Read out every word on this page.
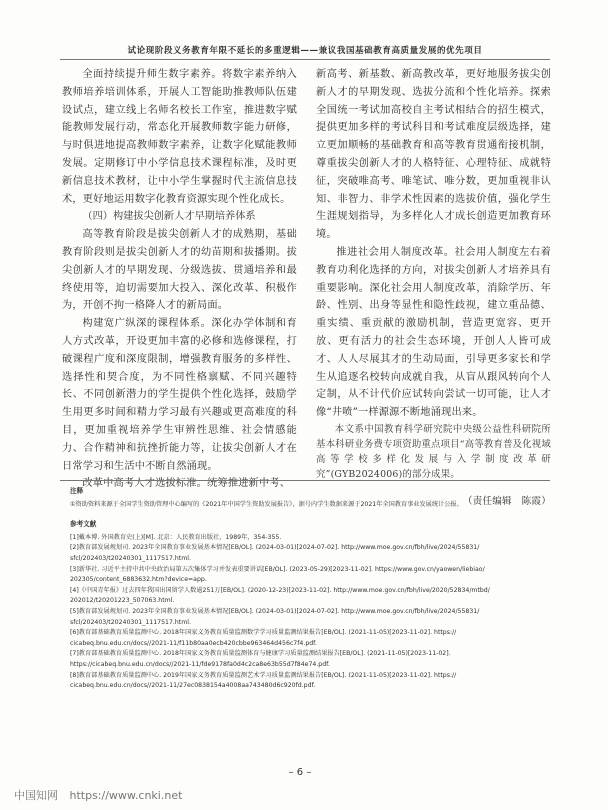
试论现阶段义务教育年限不延长的多重逻辑——兼议我国基础教育高质量发展的优先项目

全面持续提升师生数字素养。将数字素养纳入教师培养培训体系，开展人工智能助推教师队伍建设试点，建立线上名师名校长工作室，推进数字赋能教师发展行动，常态化开展教师数字能力研修，与时俱进地提高教师数字素养，让数字化赋能教师发展。定期修订中小学信息技术课程标准，及时更新信息技术教材，让中小学生掌握时代主流信息技术，更好地运用数字化教育资源实现个性化成长。

（四）构建拔尖创新人才早期培养体系

高等教育阶段是拔尖创新人才的成熟期，基础教育阶段则是拔尖创新人才的幼苗期和拔播期。拔尖创新人才的早期发现、分级选拔、贯通培养和最终使用等，迫切需要加大投入、深化改革、积极作为，开创不拘一格降人才的新局面。

构建宽广纵深的课程体系。深化办学体制和育人方式改革，开设更加丰富的必修和选修课程，打破课程广度和深度限制，增强教育服务的多样性、选择性和契合度，为不同性格禀赋、不同兴趣特长、不同创新潜力的学生提供个性化选择，鼓励学生用更多时间和精力学习最有兴趣或更高难度的科目，更加重视培养学生审辨性思维、社会情感能力、合作精神和抗挫折能力等，让拔尖创新人才在日常学习和生活中不断自然涌现。

改革中高考人才选拔标准。统筹推进新中考、

新高考、新基数、新高教改革，更好地服务拔尖创新人才的早期发现、选拔分流和个性化培养。探索全国统一考试加高校自主考试相结合的招生模式，提供更加多样的考试科目和考试难度层级选择，建立更加顺畅的基础教育和高等教育贯通衔接机制，尊重拔尖创新人才的人格特征、心理特征、成就特征，突破唯高考、唯笔试、唯分数，更加重视非认知、非智力、非学术性因素的选拔价值，强化学生生涯规划指导，为多样化人才成长创造更加教育环境。

推进社会用人制度改革。社会用人制度左右着教育功利化选择的方向，对拔尖创新人才培养具有重要影响。深化社会用人制度改革，消除学历、年龄、性别、出身等显性和隐性歧视，建立重品德、重实绩、重贡献的激励机制，营造更宽容、更开放、更有活力的社会生态环境，开创人人皆可成才、人人尽展其才的生动局面，引导更多家长和学生从追逐名校转向成就自我，从盲从跟风转向个人定制，从不计代价应试转向尝试一切可能，让人才像“井喷”一样源源不断地涌现出来。

本文系中国教育科学研究院中央级公益性科研院所基本科研业务费专项资助重点项目“高等教育普及化视域高等学校多样化发展与入学制度改革研究”(GYB2024006)的部分成果。

（责任编辑　陈霞）

注释
①资助资料来源于全国学生资助管理中心编写的《2021年中国学生资助发展报告》，据号内学生数据来源于2021年全国教育事业发展统计公报。
参考文献
[1]戴本博. 外国教育史(上)[M]. 北京：人民教育出版社，1989年，354-355.
[2]教育部发展规划司. 2023年全国教育事业发展基本情况[EB/OL]. (2024-03-01)[2024-07-02]. http://www.moe.gov.cn/fbh/live/2024/55831/
sfcl/202403/t20240301_1117517.html.
[3]新华社. 习近平主持中共中央政治局第五次集体学习并发表重要讲话[EB/OL]. (2023-05-29)[2023-11-02]. https://www.gov.cn/yaowen/liebiao/
202305/content_6883632.htm?device=app.
[4]《中国青年报》过去四年我国出国留学人数逾251万[EB/OL]. (2020-12-23)[2023-11-02]. http://www.moe.gov.cn/fbh/live/2020/52834/mtbd/
202012/t20201223_507063.html.
[5]教育部发展规划司. 2023年全国教育事业发展基本情况[EB/OL]. (2024-03-01)[2024-07-02]. http://www.moe.gov.cn/fbh/live/2024/55831/
sfcl/202403/t20240301_1117517.html.
[6]教育部基础教育质量监测中心. 2018年国家义务教育质量监测数学学习质量监测结果报告[EB/OL]. (2021-11-05)[2023-11-02]. https://
cicabeq.bnu.edu.cn/docs//2021-11/f11b80aa0ecb420cbbe963464d456c7f4.pdf.
[7]教育部基础教育质量监测中心. 2018年国家义务教育质量监测体育与健康学习质量监测结果报告[EB/OL]. (2021-11-05)[2023-11-02].
https://cicabeq.bnu.edu.cn/docs//2021-11/fde9178fa0d4c2ca8e63b55d7f84e74.pdf.
[8]教育部基础教育质量监测中心. 2019年国家义务教育质量监测艺术学习质量监测结果报告[EB/OL]. (2021-11-05)[2023-11-02]. https://
cicabeq.bnu.edu.cn/docs//2021-11/27ec0838154a4008aa743480d6c920fd.pdf.
– 6 –
中国知网 https://www.cnki.net
